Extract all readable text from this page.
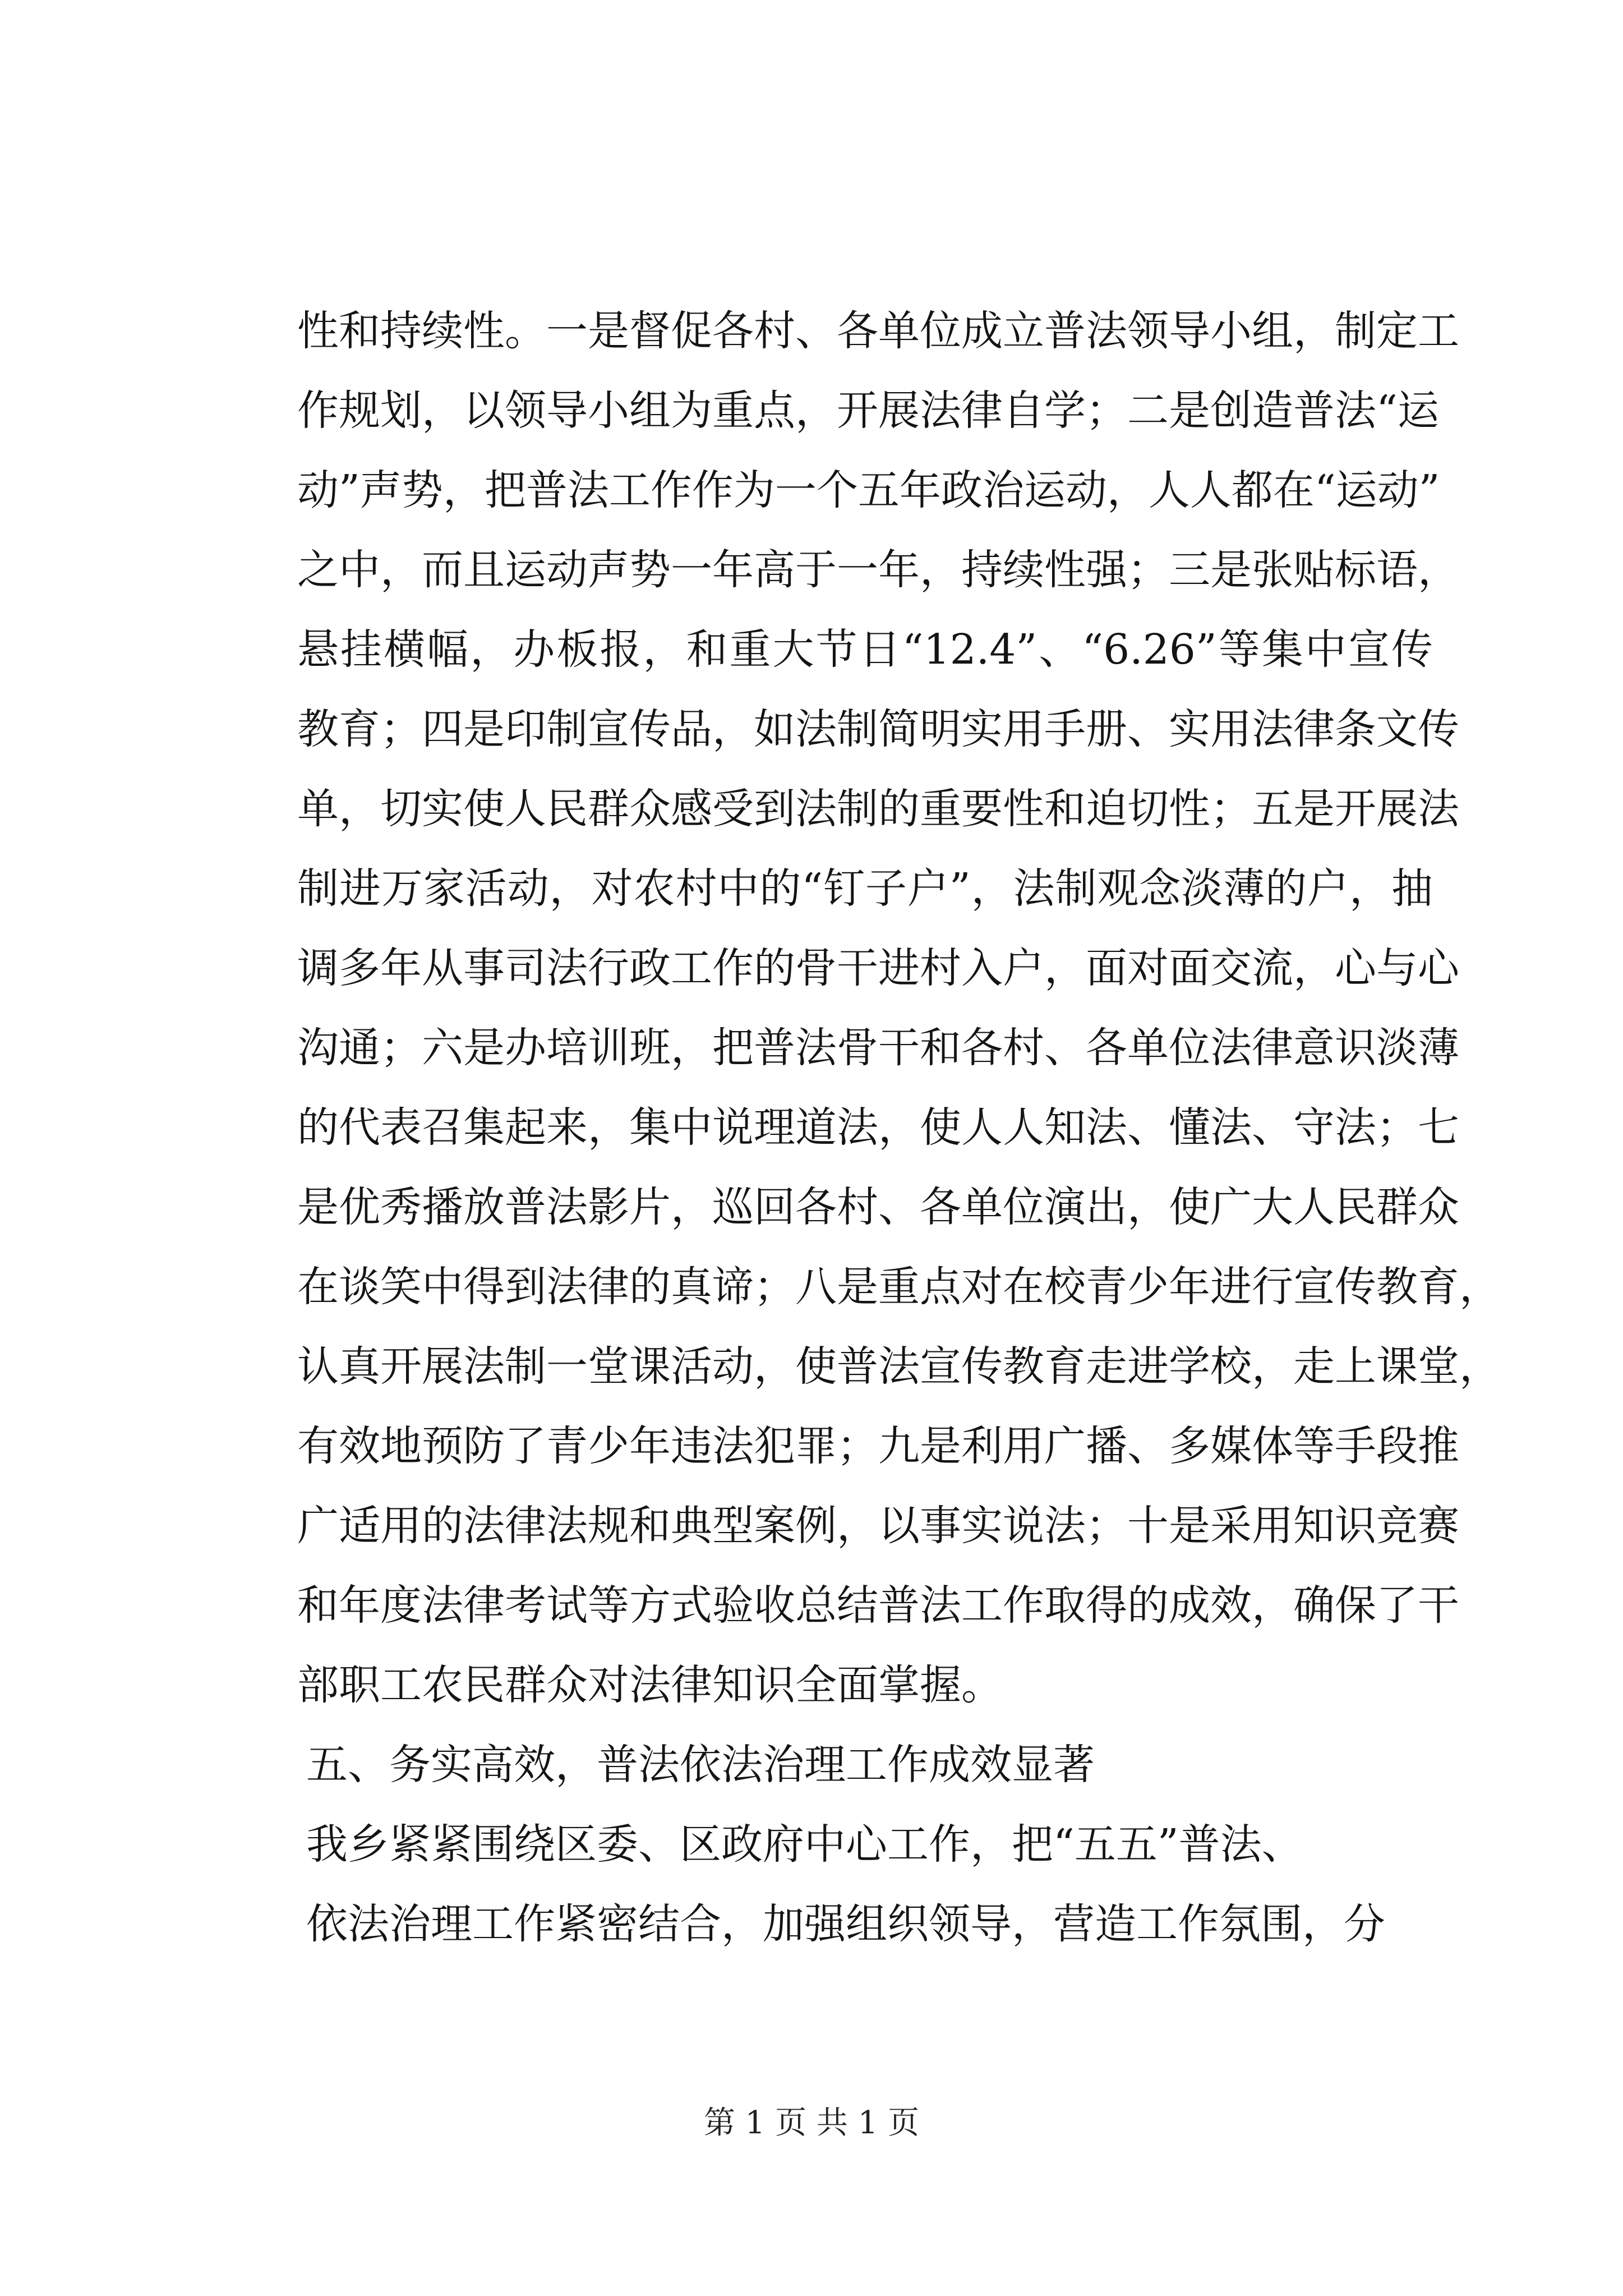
性和持续性。一是督促各村、各单位成立普法领导小组，制定工
作规划，以领导小组为重点，开展法律自学；二是创造普法“运
动”声势，把普法工作作为一个五年政治运动，人人都在“运动”
之中，而且运动声势一年高于一年，持续性强；三是张贴标语，
悬挂横幅，办板报，和重大节日“12.4”、“6.26”等集中宣传
教育；四是印制宣传品，如法制简明实用手册、实用法律条文传
单，切实使人民群众感受到法制的重要性和迫切性；五是开展法
制进万家活动，对农村中的“钉子户”，法制观念淡薄的户，抽
调多年从事司法行政工作的骨干进村入户，面对面交流，心与心
沟通；六是办培训班，把普法骨干和各村、各单位法律意识淡薄
的代表召集起来，集中说理道法，使人人知法、懂法、守法；七
是优秀播放普法影片，巡回各村、各单位演出，使广大人民群众
在谈笑中得到法律的真谛；八是重点对在校青少年进行宣传教育，
认真开展法制一堂课活动，使普法宣传教育走进学校，走上课堂，
有效地预防了青少年违法犯罪；九是利用广播、多媒体等手段推
广适用的法律法规和典型案例，以事实说法；十是采用知识竞赛
和年度法律考试等方式验收总结普法工作取得的成效，确保了干
部职工农民群众对法律知识全面掌握。
五、务实高效，普法依法治理工作成效显著
我乡紧紧围绕区委、区政府中心工作，把“五五”普法、
依法治理工作紧密结合，加强组织领导，营造工作氛围，分
第 1 页 共 1 页
